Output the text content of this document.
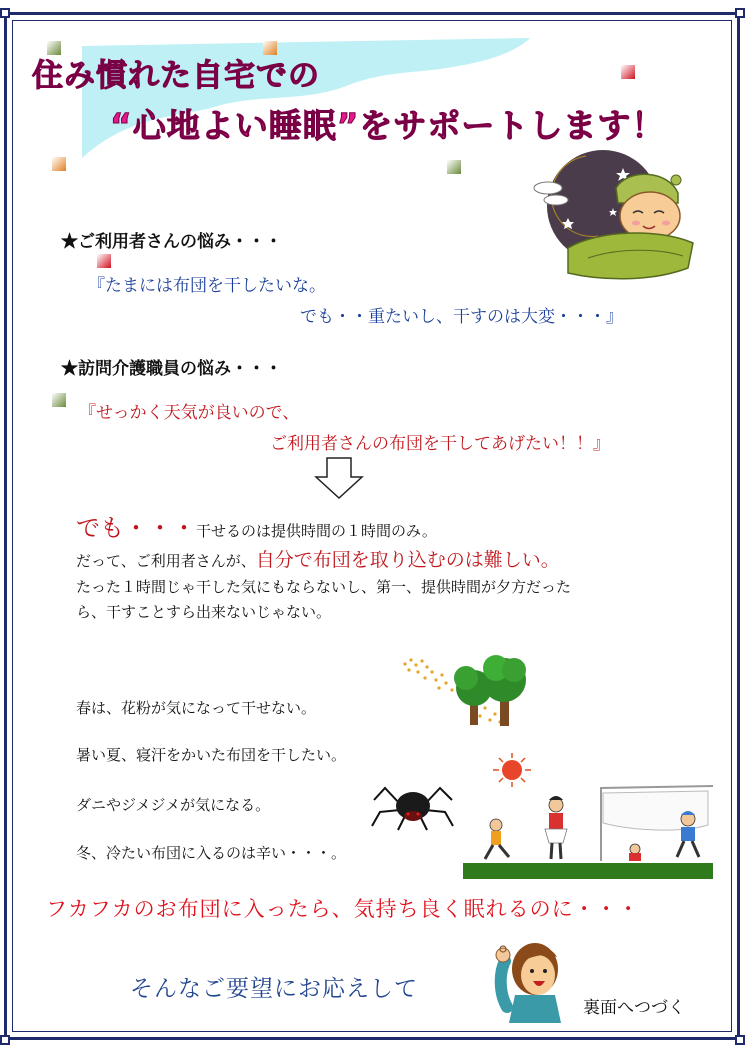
住み慣れた自宅での
“心地よい睡眠”をサポートします！
★ご利用者さんの悩み・・・
『たまには布団を干したいな。
でも・・重たいし、干すのは大変・・・』
★訪問介護職員の悩み・・・
『せっかく天気が良いので、
ご利用者さんの布団を干してあげたい！！』
でも・・・干せるのは提供時間の１時間のみ。
だって、ご利用者さんが、自分で布団を取り込むのは難しい。
たった１時間じゃ干した気にもならないし、第一、提供時間が夕方だった
ら、干すことすら出来ないじゃない。
春は、花粉が気になって干せない。
暑い夏、寝汗をかいた布団を干したい。
ダニやジメジメが気になる。
冬、冷たい布団に入るのは辛い・・・。
フカフカのお布団に入ったら、気持ち良く眠れるのに・・・
そんなご要望にお応えして
裏面へつづく
